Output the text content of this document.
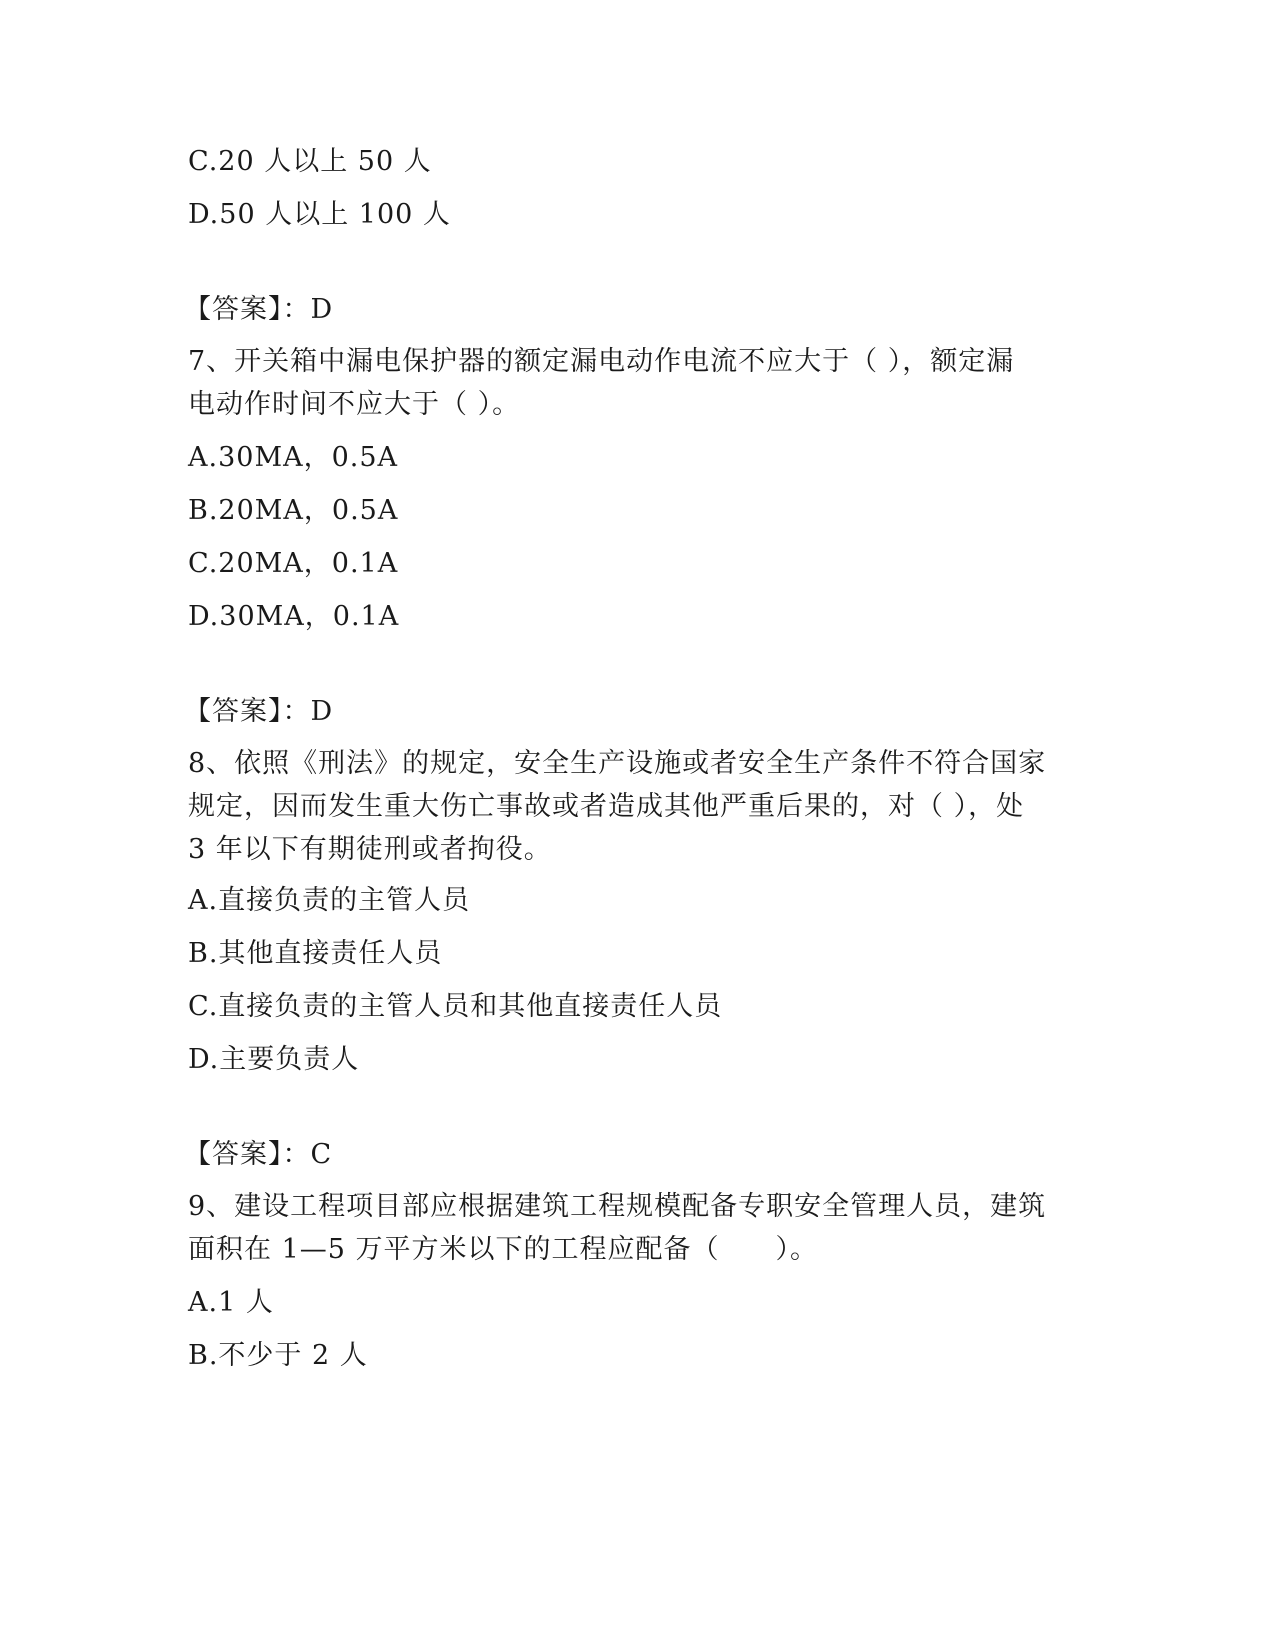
C.20 人以上 50 人
D.50 人以上 100 人
【答案】：D
7、开关箱中漏电保护器的额定漏电动作电流不应大于（ ），额定漏
电动作时间不应大于（ ）。
A.30MA，0.5A
B.20MA，0.5A
C.20MA，0.1A
D.30MA，0.1A
【答案】：D
8、依照《刑法》的规定，安全生产设施或者安全生产条件不符合国家
规定，因而发生重大伤亡事故或者造成其他严重后果的，对（ ），处
3 年以下有期徒刑或者拘役。
A.直接负责的主管人员
B.其他直接责任人员
C.直接负责的主管人员和其他直接责任人员
D.主要负责人
【答案】：C
9、建设工程项目部应根据建筑工程规模配备专职安全管理人员，建筑
面积在 1—5 万平方米以下的工程应配备（　　）。
A.1 人
B.不少于 2 人
